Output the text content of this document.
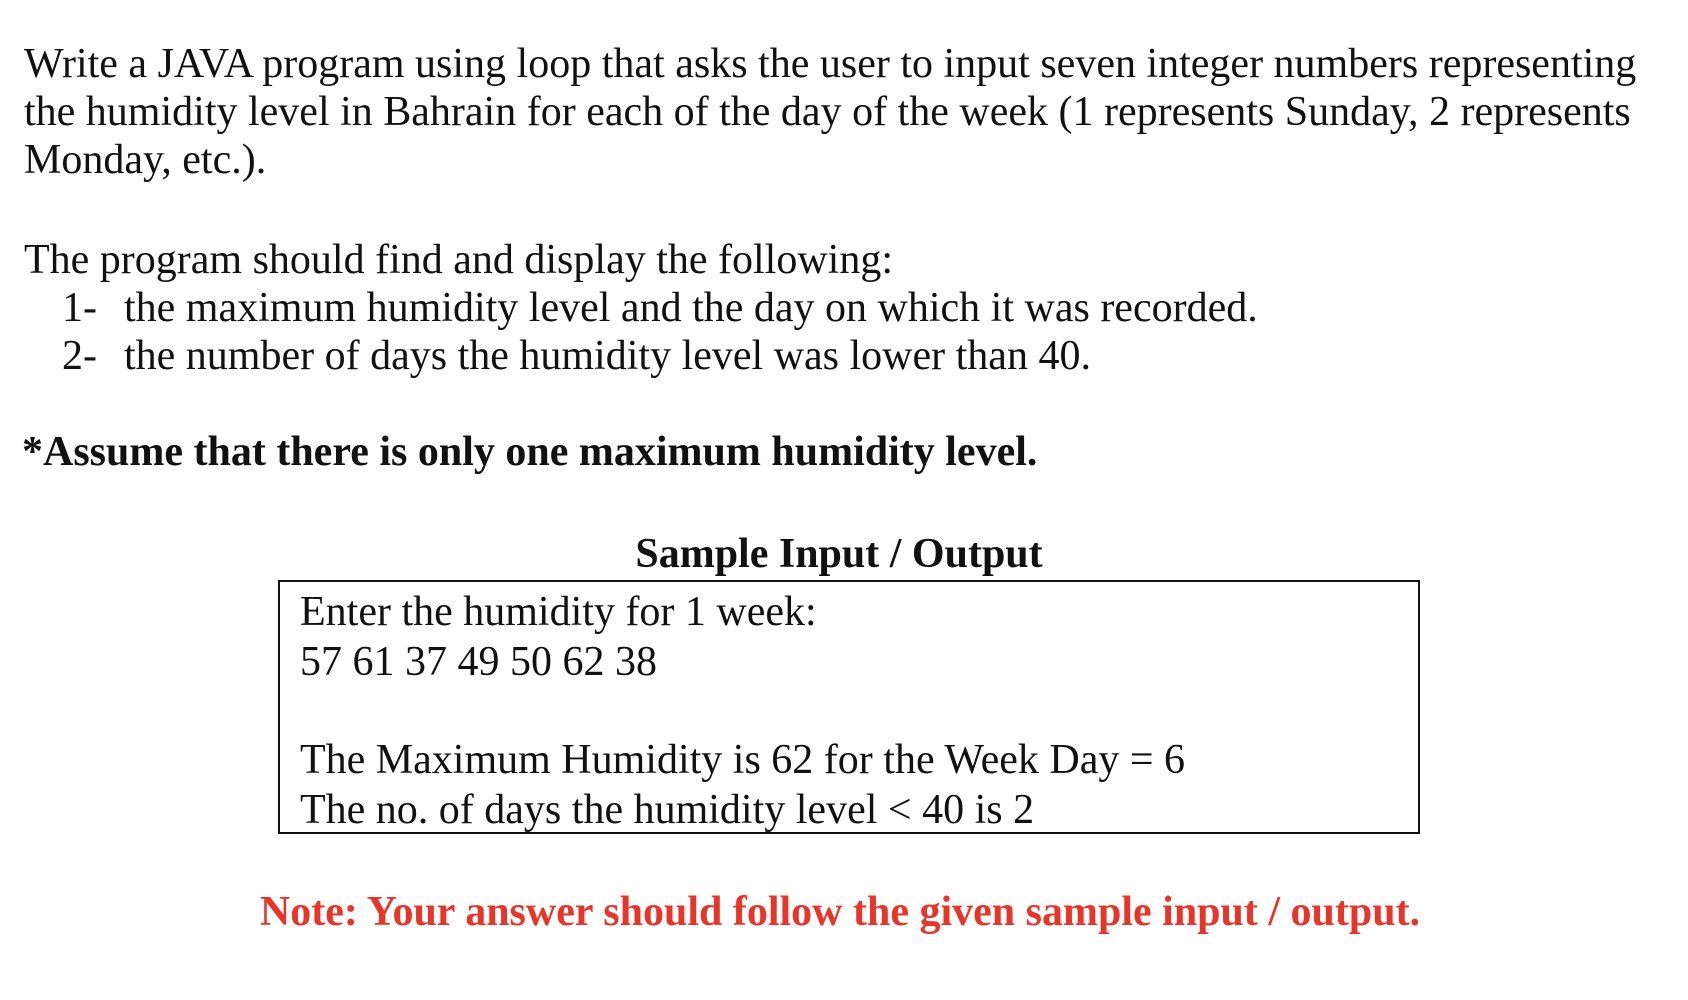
Write a JAVA program using loop that asks the user to input seven integer numbers representing
the humidity level in Bahrain for each of the day of the week (1 represents Sunday, 2 represents
Monday, etc.).

The program should find and display the following:

1- the maximum humidity level and the day on which it was recorded.
2- the number of days the humidity level was lower than 40.
*Assume that there is only one maximum humidity level.
Sample Input / Output
Enter the humidity for 1 week:
57 61 37 49 50 62 38
The Maximum Humidity is 62 for the Week Day = 6
The no. of days the humidity level < 40 is 2
Note: Your answer should follow the given sample input / output.
